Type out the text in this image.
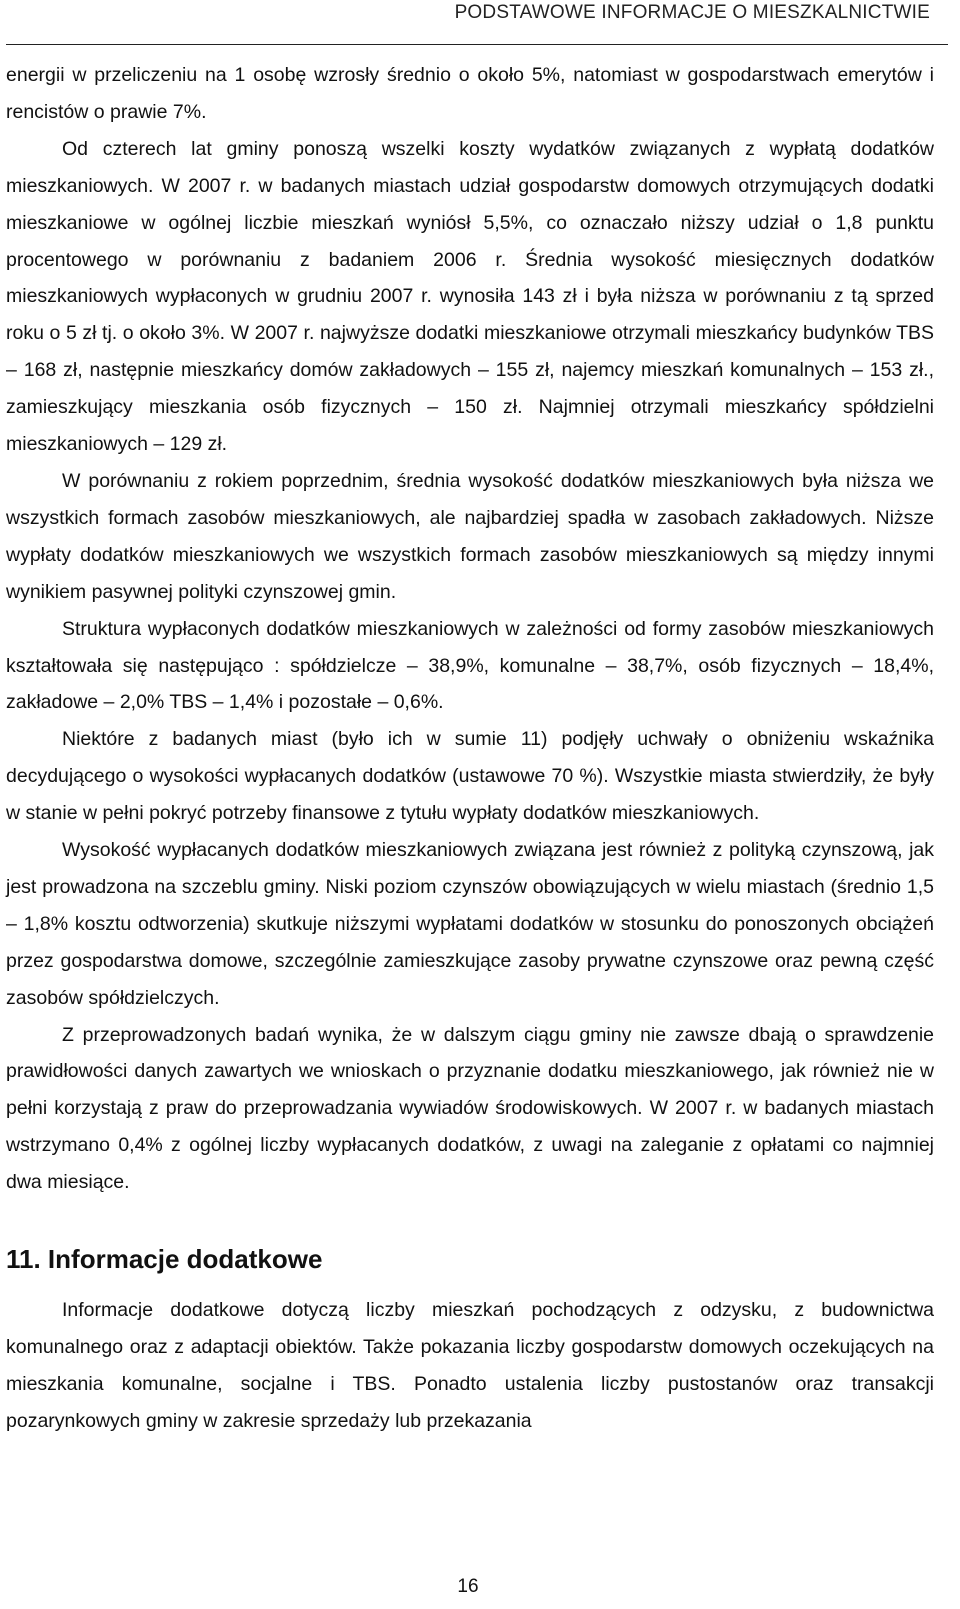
PODSTAWOWE INFORMACJE O MIESZKALNICTWIE

energii w przeliczeniu na 1 osobę wzrosły średnio o około 5%, natomiast w gospodarstwach emerytów i rencistów o prawie 7%.

Od czterech lat gminy ponoszą wszelki koszty wydatków związanych z wypłatą dodatków mieszkaniowych. W 2007 r. w badanych miastach udział gospodarstw domowych otrzymujących dodatki mieszkaniowe w ogólnej liczbie mieszkań wyniósł 5,5%, co oznaczało niższy udział o 1,8 punktu procentowego w porównaniu z badaniem 2006 r. Średnia wysokość miesięcznych dodatków mieszkaniowych wypłaconych w grudniu 2007 r. wynosiła 143 zł i była niższa w porównaniu z tą sprzed roku o 5 zł tj. o około 3%. W 2007 r. najwyższe dodatki mieszkaniowe otrzymali mieszkańcy budynków TBS – 168 zł, następnie mieszkańcy domów zakładowych – 155 zł, najemcy mieszkań komunalnych – 153 zł., zamieszkujący mieszkania osób fizycznych – 150 zł. Najmniej otrzymali mieszkańcy spółdzielni mieszkaniowych – 129 zł.

W porównaniu z rokiem poprzednim, średnia wysokość dodatków mieszkaniowych była niższa we wszystkich formach zasobów mieszkaniowych, ale najbardziej spadła w zasobach zakładowych. Niższe wypłaty dodatków mieszkaniowych we wszystkich formach zasobów mieszkaniowych są między innymi wynikiem pasywnej polityki czynszowej gmin.

Struktura wypłaconych dodatków mieszkaniowych w zależności od formy zasobów mieszkaniowych kształtowała się następująco : spółdzielcze – 38,9%, komunalne – 38,7%, osób fizycznych – 18,4%, zakładowe – 2,0% TBS – 1,4% i pozostałe – 0,6%.

Niektóre z badanych miast (było ich w sumie 11) podjęły uchwały o obniżeniu wskaźnika decydującego o wysokości wypłacanych dodatków (ustawowe 70 %). Wszystkie miasta stwierdziły, że były w stanie w pełni pokryć potrzeby finansowe z tytułu wypłaty dodatków mieszkaniowych.

Wysokość wypłacanych dodatków mieszkaniowych związana jest również z polityką czynszową, jak jest prowadzona na szczeblu gminy. Niski poziom czynszów obowiązujących w wielu miastach (średnio 1,5 – 1,8% kosztu odtworzenia) skutkuje niższymi wypłatami dodatków w stosunku do ponoszonych obciążeń przez gospodarstwa domowe, szczególnie zamieszkujące zasoby prywatne czynszowe oraz pewną część zasobów spółdzielczych.

Z przeprowadzonych badań wynika, że w dalszym ciągu gminy nie zawsze dbają o sprawdzenie prawidłowości danych zawartych we wnioskach o przyznanie dodatku mieszkaniowego, jak również nie w pełni korzystają z praw do przeprowadzania wywiadów środowiskowych. W 2007 r. w badanych miastach wstrzymano 0,4% z ogólnej liczby wypłacanych dodatków, z uwagi na zaleganie z opłatami co najmniej dwa miesiące.

11. Informacje dodatkowe

Informacje dodatkowe dotyczą liczby mieszkań pochodzących z odzysku, z budownictwa komunalnego oraz z adaptacji obiektów. Także pokazania liczby gospodarstw domowych oczekujących na mieszkania komunalne, socjalne i TBS. Ponadto ustalenia liczby pustostanów oraz transakcji pozarynkowych gminy w zakresie sprzedaży lub przekazania

16
